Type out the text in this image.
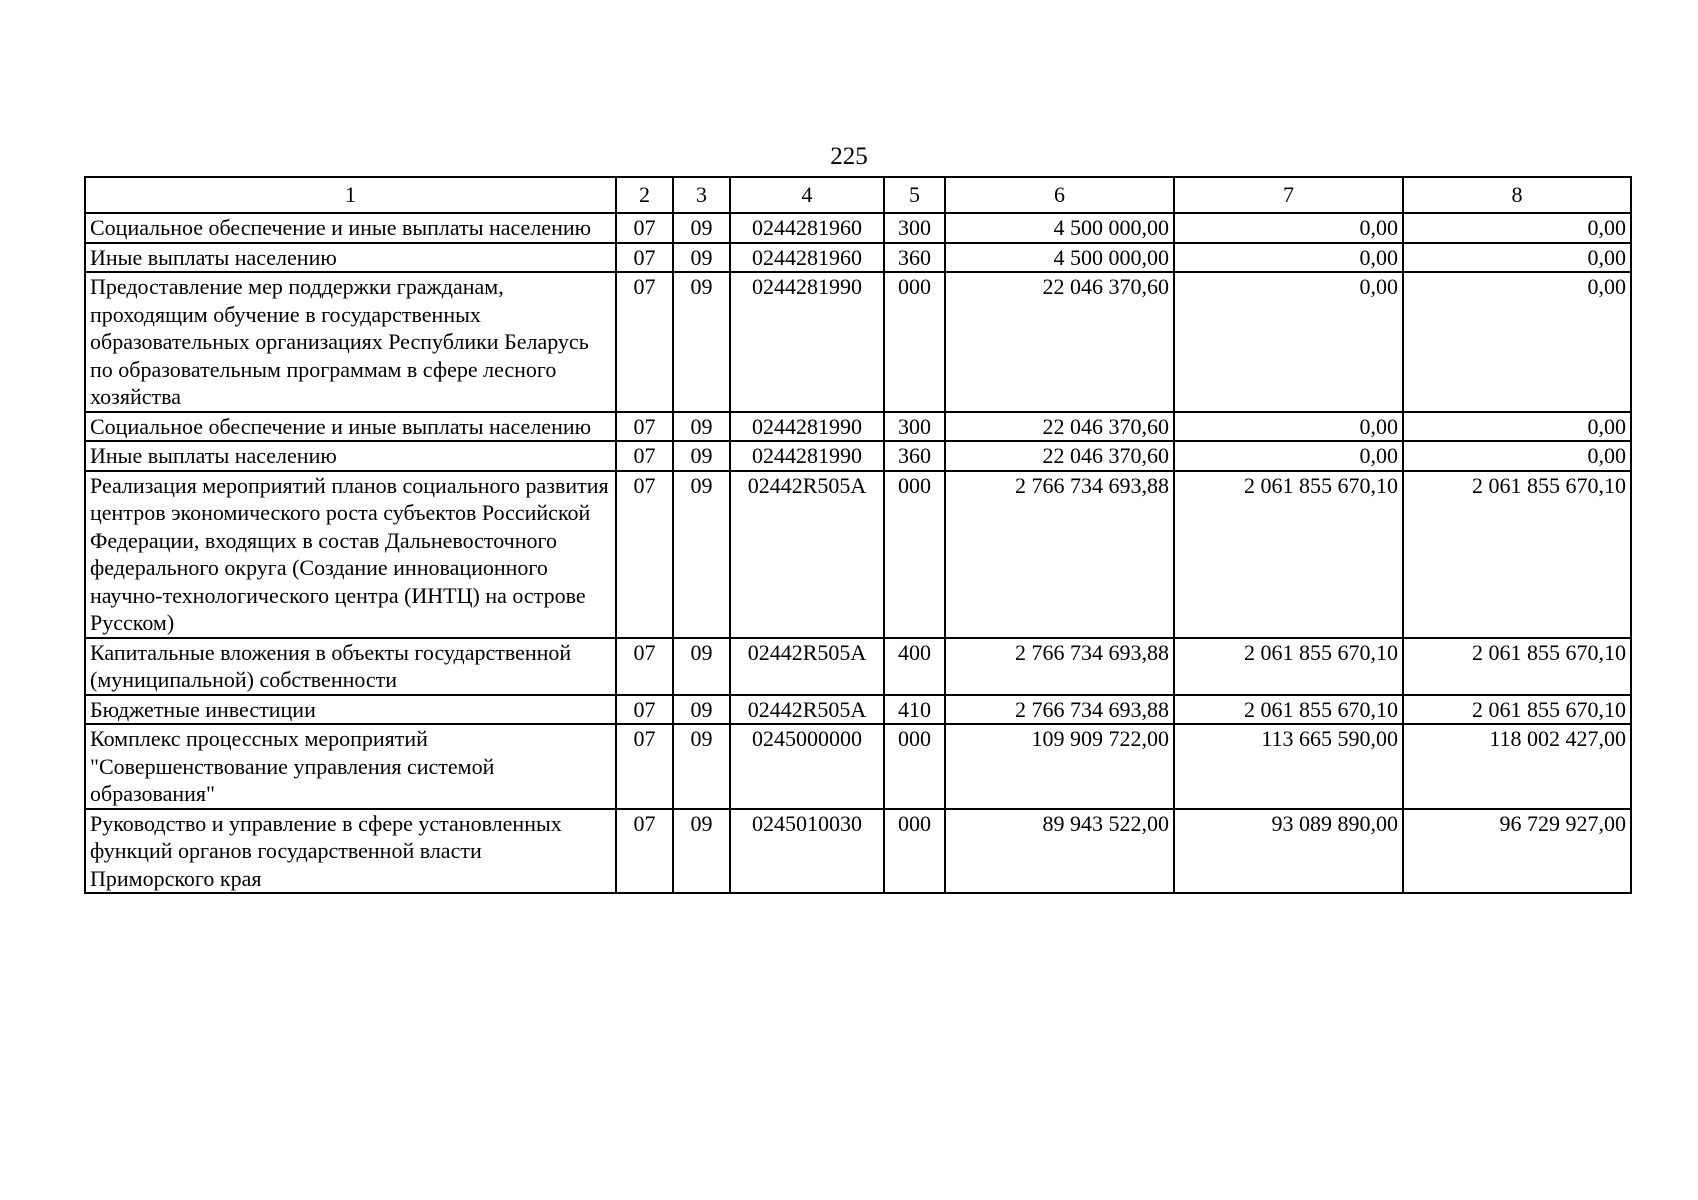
225
1	2	3	4	5	6	7	8
Социальное обеспечение и иные выплаты населению	07	09	0244281960	300	4 500 000,00	0,00	0,00
Иные выплаты населению	07	09	0244281960	360	4 500 000,00	0,00	0,00
Предоставление мер поддержки гражданам, проходящим обучение в государственных образовательных организациях Республики Беларусь по образовательным программам в сфере лесного хозяйства	07	09	0244281990	000	22 046 370,60	0,00	0,00
Социальное обеспечение и иные выплаты населению	07	09	0244281990	300	22 046 370,60	0,00	0,00
Иные выплаты населению	07	09	0244281990	360	22 046 370,60	0,00	0,00
Реализация мероприятий планов социального развития центров экономического роста субъектов Российской Федерации, входящих в состав Дальневосточного федерального округа (Создание инновационного научно-технологического центра (ИНТЦ) на острове Русском)	07	09	02442R505A	000	2 766 734 693,88	2 061 855 670,10	2 061 855 670,10
Капитальные вложения в объекты государственной (муниципальной) собственности	07	09	02442R505A	400	2 766 734 693,88	2 061 855 670,10	2 061 855 670,10
Бюджетные инвестиции	07	09	02442R505A	410	2 766 734 693,88	2 061 855 670,10	2 061 855 670,10
Комплекс процессных мероприятий "Совершенствование управления системой образования"	07	09	0245000000	000	109 909 722,00	113 665 590,00	118 002 427,00
Руководство и управление в сфере установленных функций органов государственной власти Приморского края	07	09	0245010030	000	89 943 522,00	93 089 890,00	96 729 927,00
